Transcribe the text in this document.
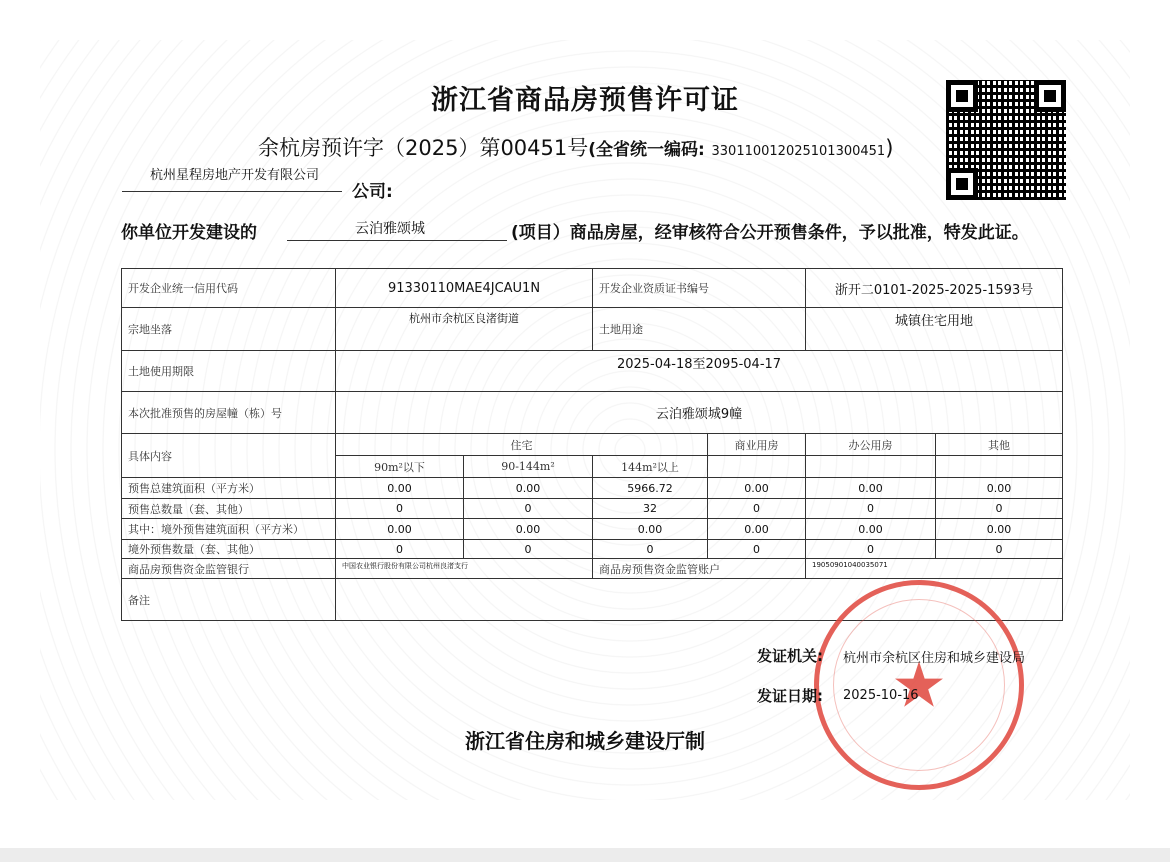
浙江省商品房预售许可证
余杭房预许字（2025）第00451号(全省统一编码: 330110012025101300451)
杭州星程房地产开发有限公司
公司:
你单位开发建设的	云泊雅颂城	(项目）商品房屋，经审核符合公开预售条件，予以批准，特发此证。
开发企业统一信用代码	91330110MAE4JCAU1N		开发企业资质证书编号		浙开二0101-2025-2025-1593号	
宗地坐落	杭州市余杭区良渚街道		土地用途		城镇住宅用地	
土地使用期限	2025-04-18至2095-04-17					
本次批准预售的房屋幢（栋）号	云泊雅颂城9幢					
具体内容	住宅			商业用房	办公用房	其他
	90m²以下	90-144m²	144m²以上			
预售总建筑面积（平方米）	0.00	0.00	5966.72	0.00	0.00	0.00
预售总数量（套、其他）	0	0	32	0	0	0
其中：境外预售建筑面积（平方米）	0.00	0.00	0.00	0.00	0.00	0.00
境外预售数量（套、其他）	0	0	0	0	0	0
商品房预售资金监管银行	中国农业银行股份有限公司杭州良渚支行		商品房预售资金监管账户		19050901040035071	
备注						
发证机关: 杭州市余杭区住房和城乡建设局
发证日期: 2025-10-16
浙江省住房和城乡建设厅制
